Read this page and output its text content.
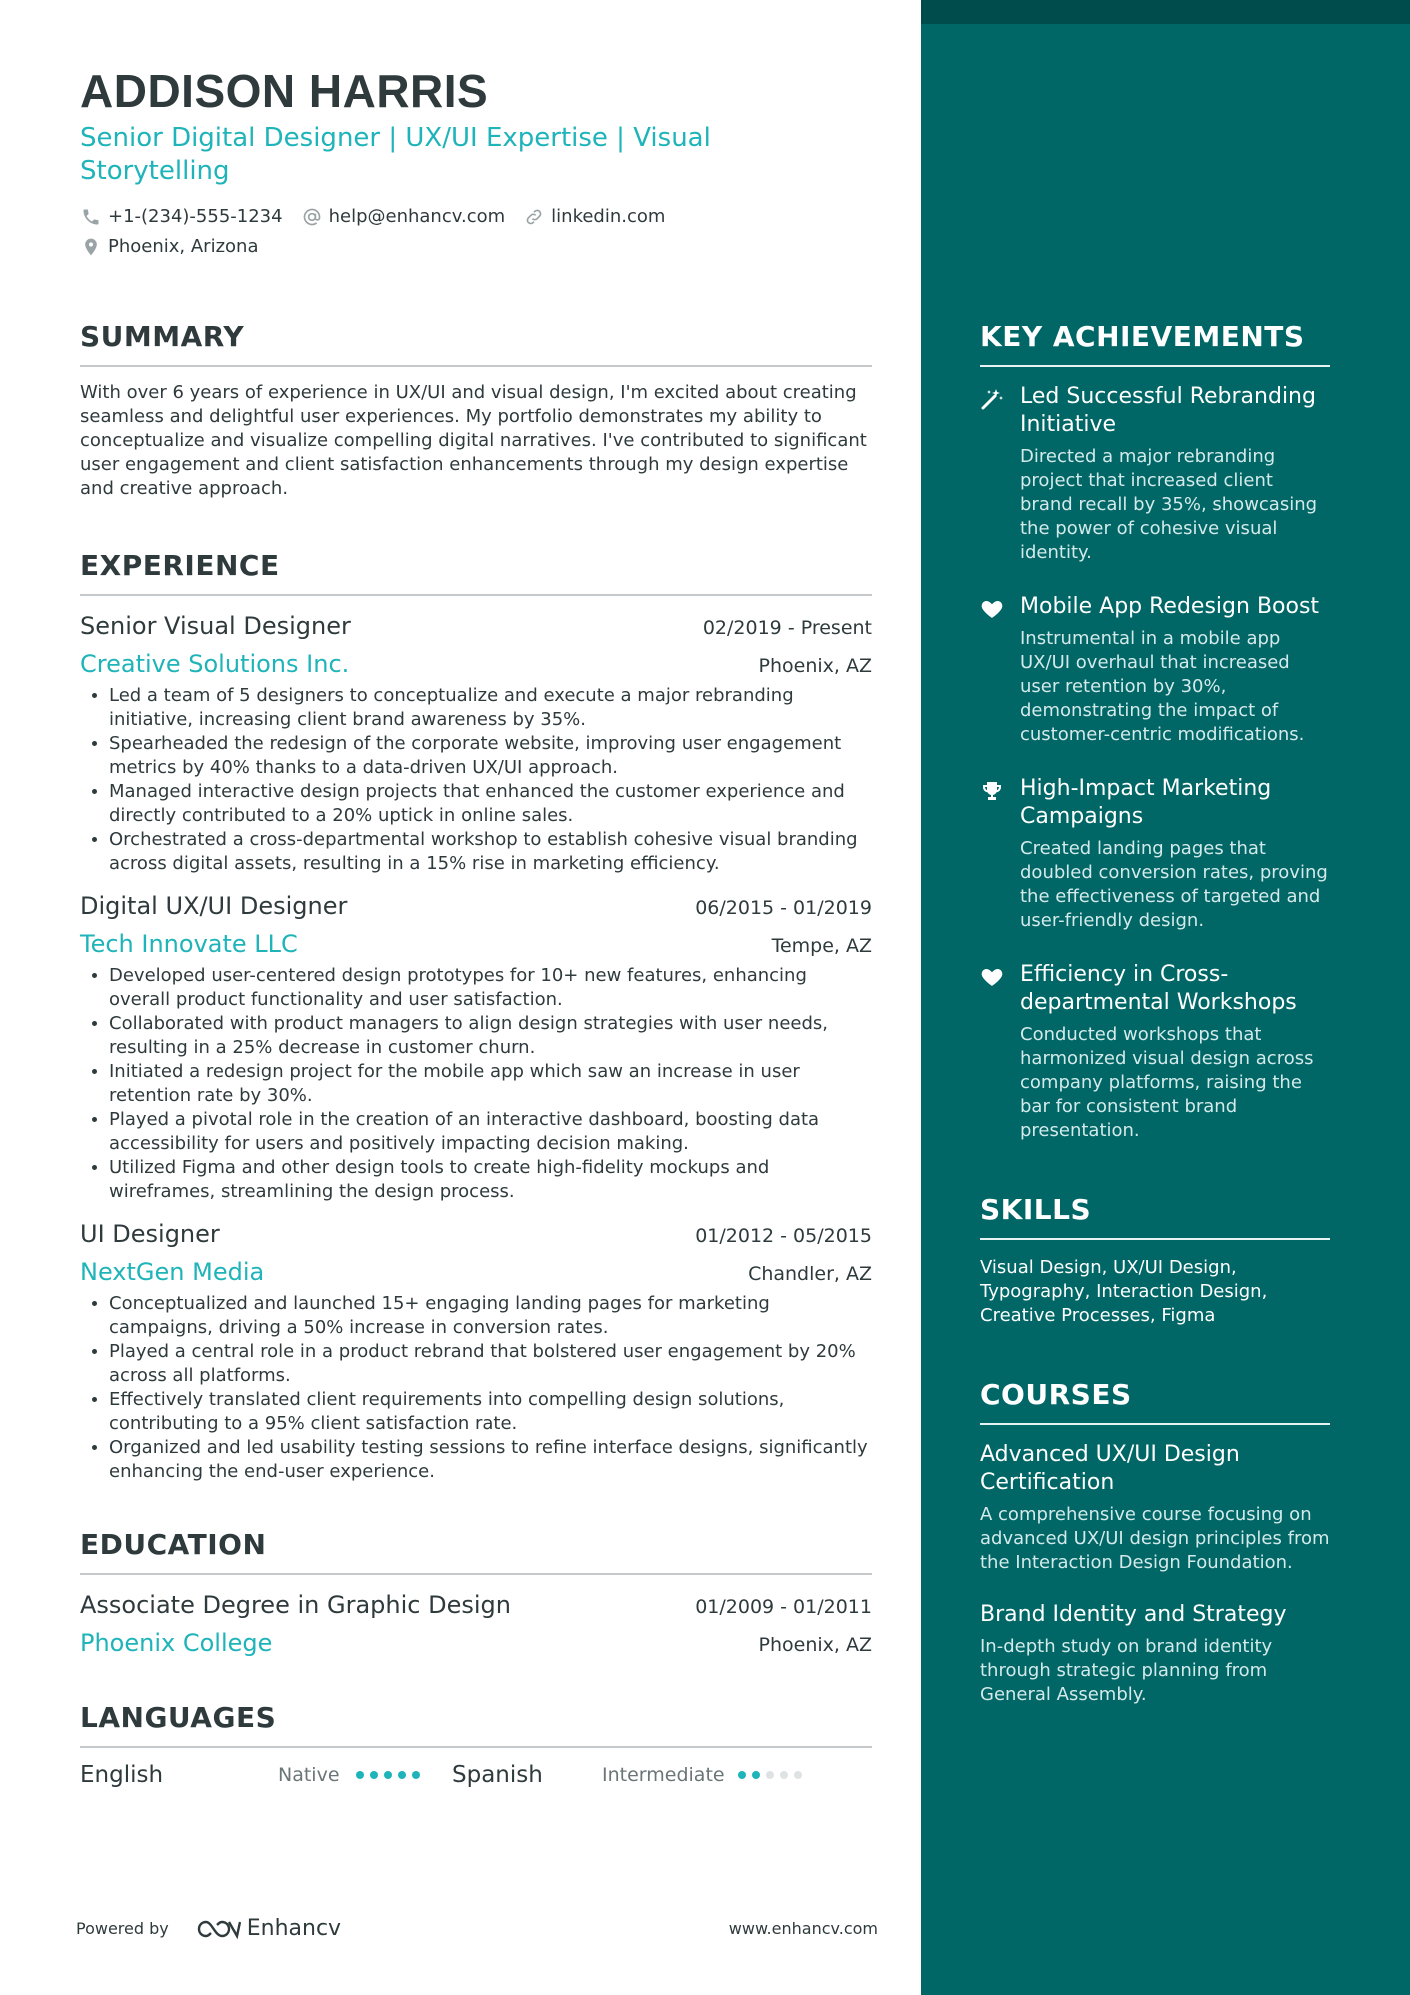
ADDISON HARRIS
Senior Digital Designer | UX/UI Expertise | Visual Storytelling
+1-(234)-555-1234	help@enhancv.com	linkedin.com
Phoenix, Arizona
SUMMARY
With over 6 years of experience in UX/UI and visual design, I'm excited about creating seamless and delightful user experiences. My portfolio demonstrates my ability to conceptualize and visualize compelling digital narratives. I've contributed to significant user engagement and client satisfaction enhancements through my design expertise and creative approach.
EXPERIENCE
Senior Visual Designer	02/2019 - Present
Creative Solutions Inc.	Phoenix, AZ
• Led a team of 5 designers to conceptualize and execute a major rebranding initiative, increasing client brand awareness by 35%.
• Spearheaded the redesign of the corporate website, improving user engagement metrics by 40% thanks to a data-driven UX/UI approach.
• Managed interactive design projects that enhanced the customer experience and directly contributed to a 20% uptick in online sales.
• Orchestrated a cross-departmental workshop to establish cohesive visual branding across digital assets, resulting in a 15% rise in marketing efficiency.
Digital UX/UI Designer	06/2015 - 01/2019
Tech Innovate LLC	Tempe, AZ
• Developed user-centered design prototypes for 10+ new features, enhancing overall product functionality and user satisfaction.
• Collaborated with product managers to align design strategies with user needs, resulting in a 25% decrease in customer churn.
• Initiated a redesign project for the mobile app which saw an increase in user retention rate by 30%.
• Played a pivotal role in the creation of an interactive dashboard, boosting data accessibility for users and positively impacting decision making.
• Utilized Figma and other design tools to create high-fidelity mockups and wireframes, streamlining the design process.
UI Designer	01/2012 - 05/2015
NextGen Media	Chandler, AZ
• Conceptualized and launched 15+ engaging landing pages for marketing campaigns, driving a 50% increase in conversion rates.
• Played a central role in a product rebrand that bolstered user engagement by 20% across all platforms.
• Effectively translated client requirements into compelling design solutions, contributing to a 95% client satisfaction rate.
• Organized and led usability testing sessions to refine interface designs, significantly enhancing the end-user experience.
EDUCATION
Associate Degree in Graphic Design	01/2009 - 01/2011
Phoenix College	Phoenix, AZ
LANGUAGES
English	Native	Spanish	Intermediate
Powered by	Enhancv	www.enhancv.com
KEY ACHIEVEMENTS
Led Successful Rebranding Initiative
Directed a major rebranding project that increased client brand recall by 35%, showcasing the power of cohesive visual identity.
Mobile App Redesign Boost
Instrumental in a mobile app UX/UI overhaul that increased user retention by 30%, demonstrating the impact of customer-centric modifications.
High-Impact Marketing Campaigns
Created landing pages that doubled conversion rates, proving the effectiveness of targeted and user-friendly design.
Efficiency in Cross-departmental Workshops
Conducted workshops that harmonized visual design across company platforms, raising the bar for consistent brand presentation.
SKILLS
Visual Design, UX/UI Design, Typography, Interaction Design, Creative Processes, Figma
COURSES
Advanced UX/UI Design Certification
A comprehensive course focusing on advanced UX/UI design principles from the Interaction Design Foundation.
Brand Identity and Strategy
In-depth study on brand identity through strategic planning from General Assembly.
